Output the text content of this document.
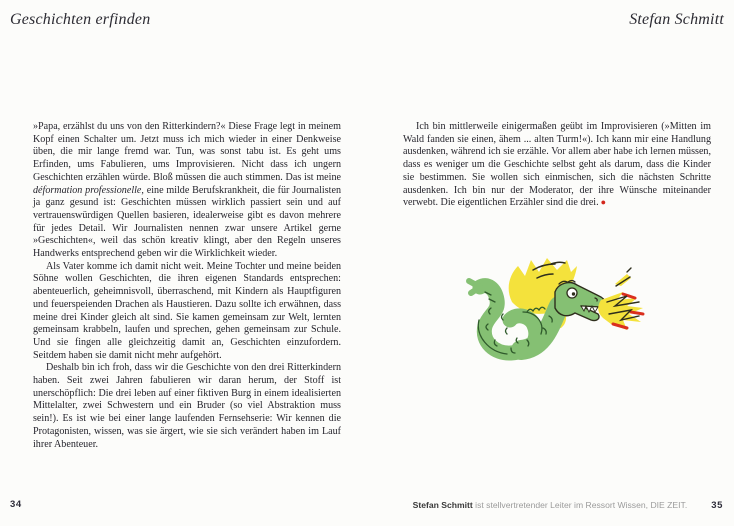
Geschichten erfinden	Stefan Schmitt

»Papa, erzählst du uns von den Ritterkindern?« Diese Frage legt in meinem Kopf einen Schalter um. Jetzt muss ich mich wieder in einer Denkweise üben, die mir lange fremd war. Tun, was sonst tabu ist. Es geht ums Erfinden, ums Fabulieren, ums Improvisieren. Nicht dass ich ungern Geschichten erzählen würde. Bloß müssen die auch stimmen. Das ist meine déformation professionelle, eine milde Berufskrankheit, die für Journalisten ja ganz gesund ist: Geschichten müssen wirklich passiert sein und auf vertrauenswürdigen Quellen basieren, idealerweise gibt es davon mehrere für jedes Detail. Wir Journalisten nennen zwar unsere Artikel gerne »Geschichten«, weil das schön kreativ klingt, aber den Regeln unseres Handwerks entsprechend geben wir die Wirklichkeit wieder.

Als Vater komme ich damit nicht weit. Meine Tochter und meine beiden Söhne wollen Geschichten, die ihren eigenen Standards entsprechen: abenteuerlich, geheimnisvoll, überraschend, mit Kindern als Hauptfiguren und feuerspeienden Drachen als Haustieren. Dazu sollte ich erwähnen, dass meine drei Kinder gleich alt sind. Sie kamen gemeinsam zur Welt, lernten gemeinsam krabbeln, laufen und sprechen, gehen gemeinsam zur Schule. Und sie fingen alle gleichzeitig damit an, Geschichten einzufordern. Seitdem haben sie damit nicht mehr aufgehört.

Deshalb bin ich froh, dass wir die Geschichte von den drei Ritterkindern haben. Seit zwei Jahren fabulieren wir daran herum, der Stoff ist unerschöpflich: Die drei leben auf einer fiktiven Burg in einem idealisierten Mittelalter, zwei Schwestern und ein Bruder (so viel Abstraktion muss sein!). Es ist wie bei einer lange laufenden Fernsehserie: Wir kennen die Protagonisten, wissen, was sie ärgert, wie sie sich verändert haben im Lauf ihrer Abenteuer.

Ich bin mittlerweile einigermaßen geübt im Improvisieren (»Mitten im Wald fanden sie einen, ähem ... alten Turm!«). Ich kann mir eine Handlung ausdenken, während ich sie erzähle. Vor allem aber habe ich lernen müssen, dass es weniger um die Geschichte selbst geht als darum, dass die Kinder sie bestimmen. Sie wollen sich einmischen, sich die nächsten Schritte ausdenken. Ich bin nur der Moderator, der ihre Wünsche miteinander verwebt. Die eigentlichen Erzähler sind die drei. ●

34	Stefan Schmitt ist stellvertretender Leiter im Ressort Wissen, DIE ZEIT.	35
